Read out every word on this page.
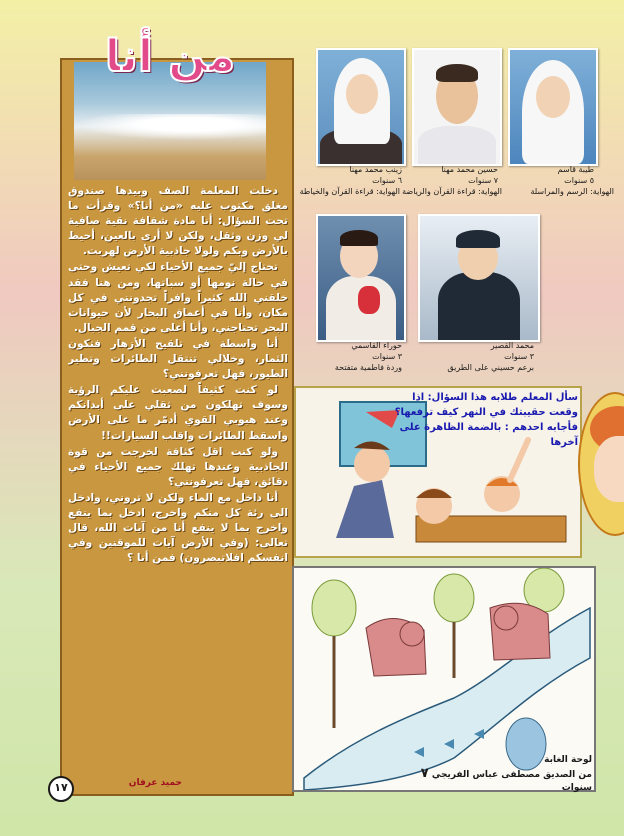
من أنا

دخلت المعلمة الصف وبيدها صندوق مغلق مكتوب عليه «من أنا؟» وقرأت ما تحت السؤال: أنا مادة شفافة نقية صافية لي وزن وثقل، ولكن لا أرى بالعين، أحيط بالأرض وبكم ولولا جاذبية الأرض لهربت.

تحتاج إليّ جميع الأحياء لكي تعيش وحتى في حالة نومها أو سباتها، ومن هنا فقد خلقني الله كثيراً وافراً تجدونني في كل مكان، وأنا في أعماق البحار لأن حيوانات البحر تحتاجني، وأنا أعلى من قمم الجبال.

أنا واسطة في تلقيح الأزهار فتكون الثمار، وخلالي تنتقل الطائرات وتطير الطيور، فهل تعرفونني؟

لو كنت كثيفاً لصعبت عليكم الرؤية وسوف تهلكون من ثقلي على أبدانكم وعند هبوبي القوي أدمّر ما على الأرض واسقط الطائرات واقلب السيارات!!

ولو كنت اقل كثافة لخرجت من قوة الجاذبية وعندها تهلك جميع الأحياء في دقائق، فهل تعرفونني؟

أنا داخل مع الماء ولكن لا تروني، وادخل الى رئة كل منكم واخرج، ادخل بما ينفع واخرج بما لا ينفع أنا من آيات الله، قال تعالى: (وفي الأرض آيات للموقنين وفي انفسكم افلاتبصرون) فمن أنا ؟

حميد عرفان
١٧
طيبة قاسم
٥ سنوات
الهواية: الرسم والمراسلة
حسين محمد مهنا
٧ سنوات
الهواية: قراءة القرآن والرياضة
زينب محمد مهنا
٦ سنوات
الهواية: قراءة القرآن والخياطة
محمد القصير
٣ سنوات
برعم حسيني على الطريق
حوراء القاسمي
٣ سنوات
وردة فاطمية متفتحة
سأل المعلم طلابه هذا السؤال: اذا وقعت حقيبتك في النهر كيف ترفعها؟ فأجابه احدهم : بالضمة الظاهرة على آخرها
لوحة الغابة
من الصديق مصطفى عباس الفريجي ٧ سنوات
